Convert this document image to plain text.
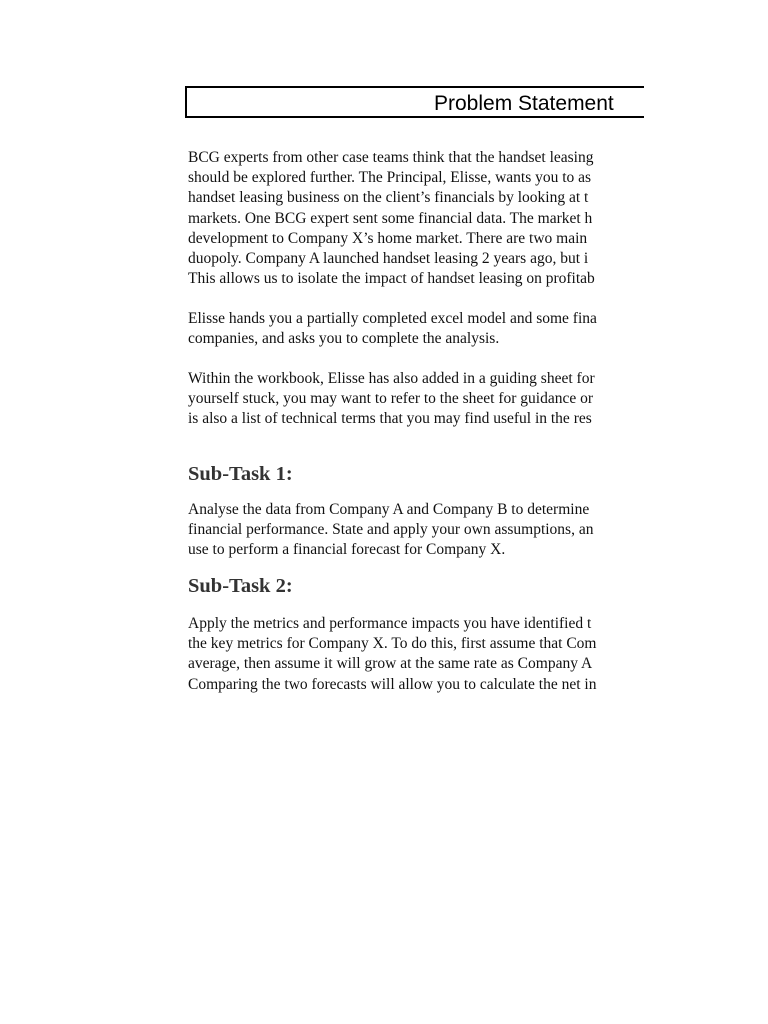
Problem Statement

BCG experts from other case teams think that the handset leasing
should be explored further. The Principal, Elisse, wants you to as
handset leasing business on the client’s financials by looking at t
markets. One BCG expert sent some financial data. The market h
development to Company X’s home market. There are two main
duopoly. Company A launched handset leasing 2 years ago, but i
This allows us to isolate the impact of handset leasing on profitab

Elisse hands you a partially completed excel model and some fina
companies, and asks you to complete the analysis.

Within the workbook, Elisse has also added in a guiding sheet for
yourself stuck, you may want to refer to the sheet for guidance or
is also a list of technical terms that you may find useful in the res

Sub-Task 1:

Analyse the data from Company A and Company B to determine
financial performance. State and apply your own assumptions, an
use to perform a financial forecast for Company X.

Sub-Task 2:

Apply the metrics and performance impacts you have identified t
the key metrics for Company X. To do this, first assume that Com
average, then assume it will grow at the same rate as Company A
Comparing the two forecasts will allow you to calculate the net in
